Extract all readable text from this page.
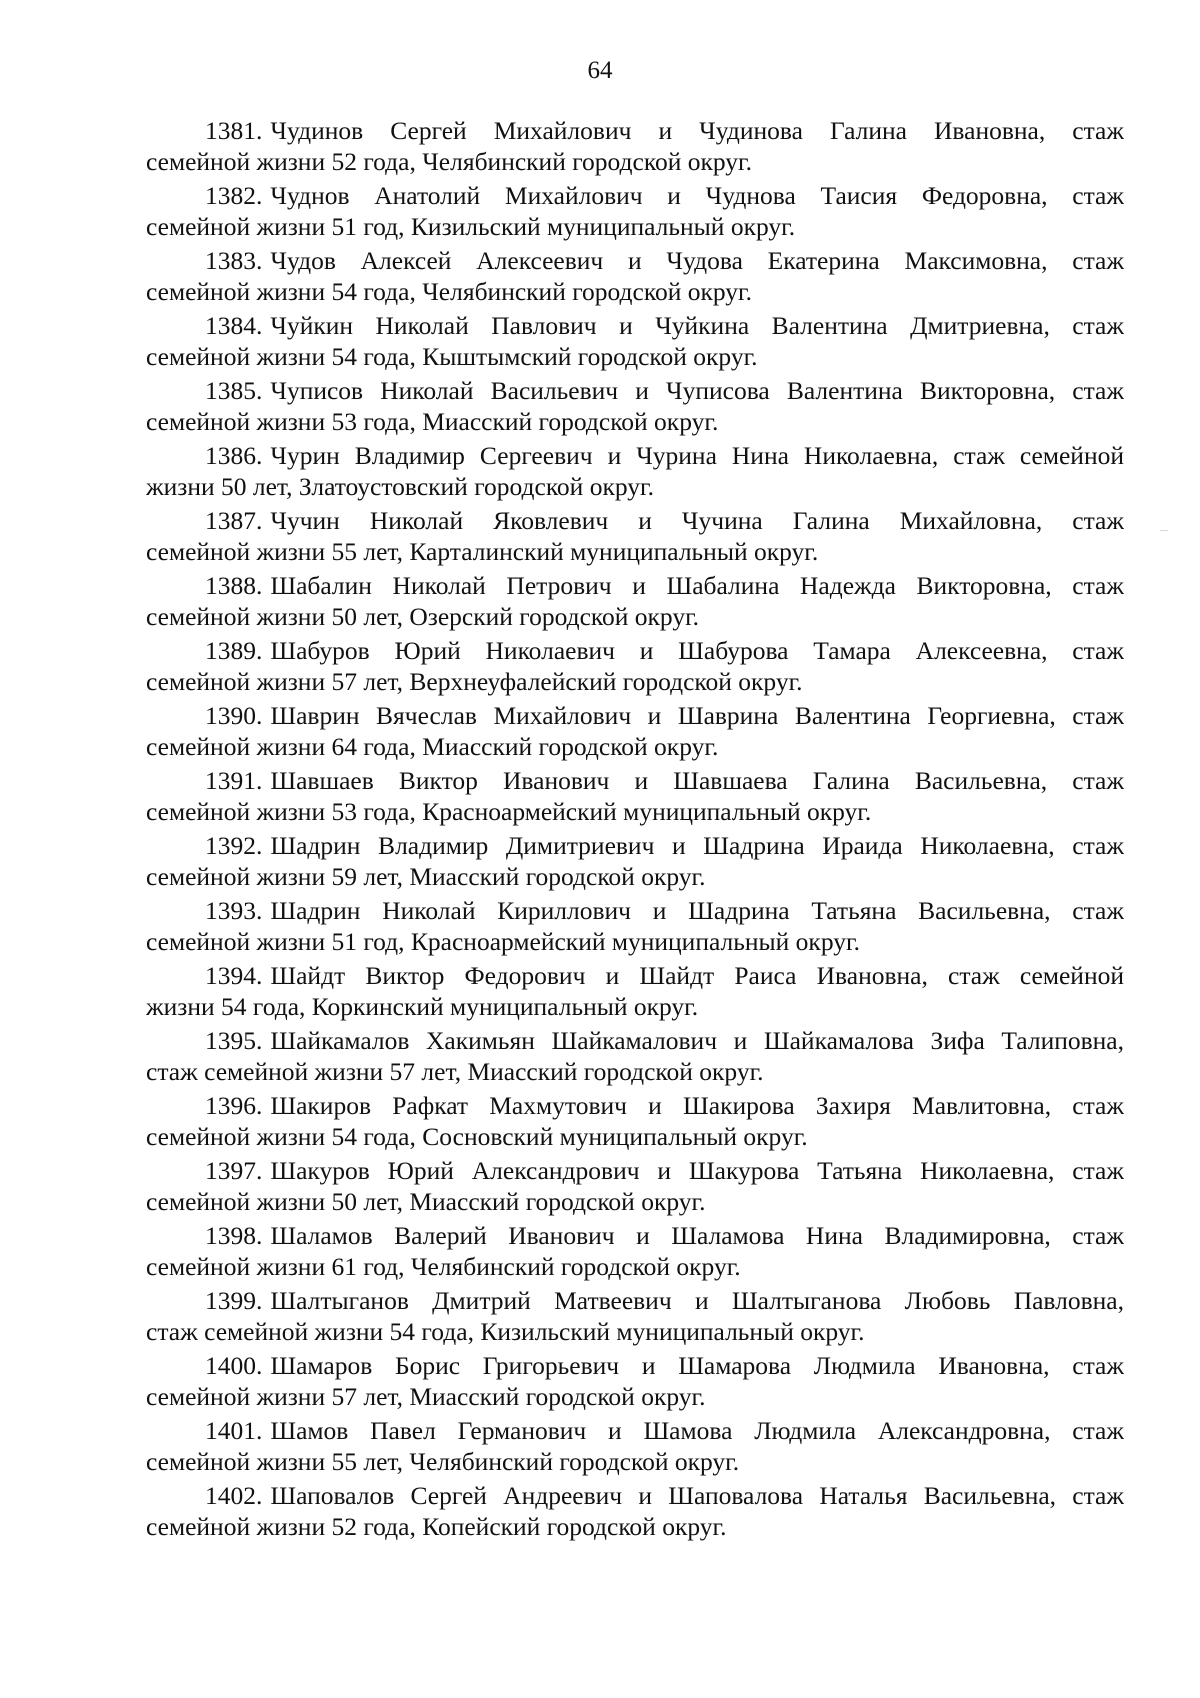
64
1381. Чудинов Сергей Михайлович и Чудинова Галина Ивановна, стаж
семейной жизни 52 года, Челябинский городской округ.
1382. Чуднов Анатолий Михайлович и Чуднова Таисия Федоровна, стаж
семейной жизни 51 год, Кизильский муниципальный округ.
1383. Чудов Алексей Алексеевич и Чудова Екатерина Максимовна, стаж
семейной жизни 54 года, Челябинский городской округ.
1384. Чуйкин Николай Павлович и Чуйкина Валентина Дмитриевна, стаж
семейной жизни 54 года, Кыштымский городской округ.
1385. Чуписов Николай Васильевич и Чуписова Валентина Викторовна, стаж
семейной жизни 53 года, Миасский городской округ.
1386. Чурин Владимир Сергеевич и Чурина Нина Николаевна, стаж семейной
жизни 50 лет, Златоустовский городской округ.
1387. Чучин Николай Яковлевич и Чучина Галина Михайловна, стаж
семейной жизни 55 лет, Карталинский муниципальный округ.
1388. Шабалин Николай Петрович и Шабалина Надежда Викторовна, стаж
семейной жизни 50 лет, Озерский городской округ.
1389. Шабуров Юрий Николаевич и Шабурова Тамара Алексеевна, стаж
семейной жизни 57 лет, Верхнеуфалейский городской округ.
1390. Шаврин Вячеслав Михайлович и Шаврина Валентина Георгиевна, стаж
семейной жизни 64 года, Миасский городской округ.
1391. Шавшаев Виктор Иванович и Шавшаева Галина Васильевна, стаж
семейной жизни 53 года, Красноармейский муниципальный округ.
1392. Шадрин Владимир Димитриевич и Шадрина Ираида Николаевна, стаж
семейной жизни 59 лет, Миасский городской округ.
1393. Шадрин Николай Кириллович и Шадрина Татьяна Васильевна, стаж
семейной жизни 51 год, Красноармейский муниципальный округ.
1394. Шайдт Виктор Федорович и Шайдт Раиса Ивановна, стаж семейной
жизни 54 года, Коркинский муниципальный округ.
1395. Шайкамалов Хакимьян Шайкамалович и Шайкамалова Зифа Талиповна,
стаж семейной жизни 57 лет, Миасский городской округ.
1396. Шакиров Рафкат Махмутович и Шакирова Захиря Мавлитовна, стаж
семейной жизни 54 года, Сосновский муниципальный округ.
1397. Шакуров Юрий Александрович и Шакурова Татьяна Николаевна, стаж
семейной жизни 50 лет, Миасский городской округ.
1398. Шаламов Валерий Иванович и Шаламова Нина Владимировна, стаж
семейной жизни 61 год, Челябинский городской округ.
1399. Шалтыганов Дмитрий Матвеевич и Шалтыганова Любовь Павловна,
стаж семейной жизни 54 года, Кизильский муниципальный округ.
1400. Шамаров Борис Григорьевич и Шамарова Людмила Ивановна, стаж
семейной жизни 57 лет, Миасский городской округ.
1401. Шамов Павел Германович и Шамова Людмила Александровна, стаж
семейной жизни 55 лет, Челябинский городской округ.
1402. Шаповалов Сергей Андреевич и Шаповалова Наталья Васильевна, стаж
семейной жизни 52 года, Копейский городской округ.
